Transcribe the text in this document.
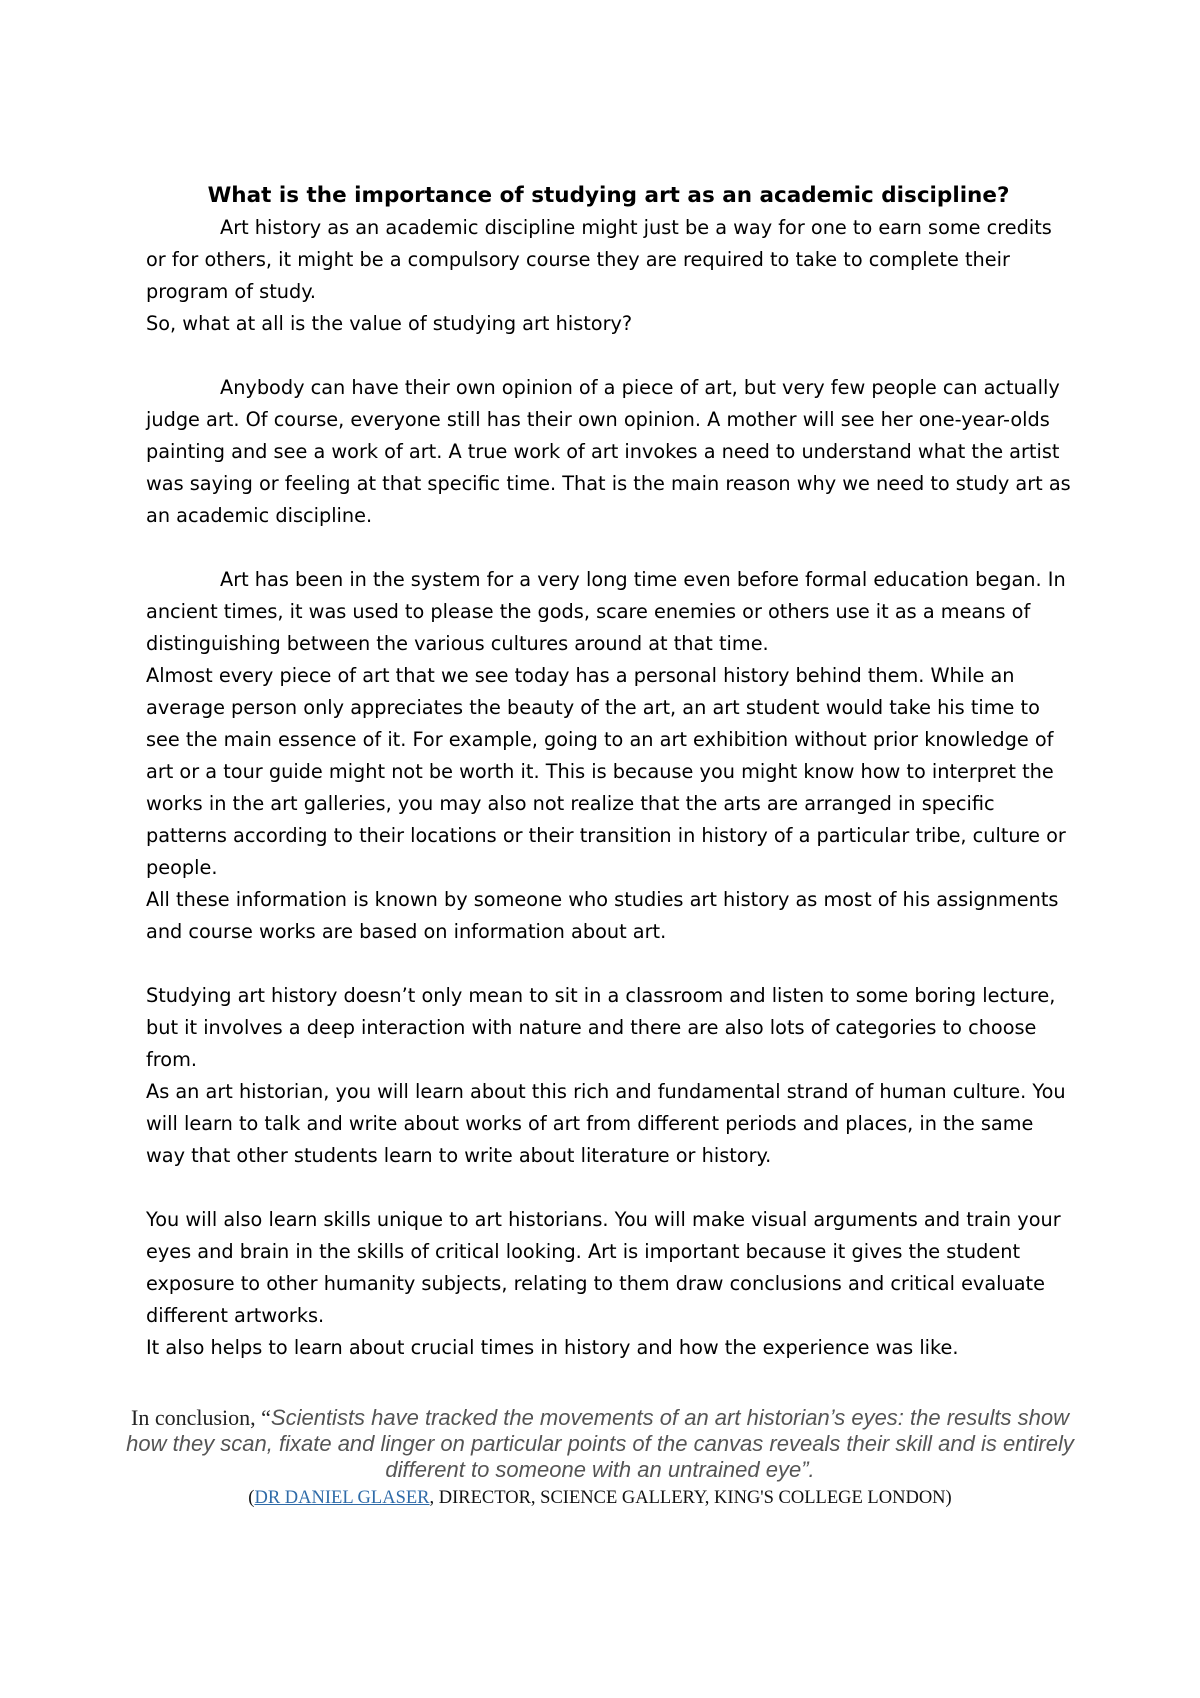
What is the importance of studying art as an academic discipline?

Art history as an academic discipline might just be a way for one to earn some credits or for others, it might be a compulsory course they are required to take to complete their program of study.

So, what at all is the value of studying art history?

Anybody can have their own opinion of a piece of art, but very few people can actually judge art. Of course, everyone still has their own opinion. A mother will see her one-year-olds painting and see a work of art. A true work of art invokes a need to understand what the artist was saying or feeling at that specific time. That is the main reason why we need to study art as an academic discipline.

Art has been in the system for a very long time even before formal education began. In ancient times, it was used to please the gods, scare enemies or others use it as a means of distinguishing between the various cultures around at that time.

Almost every piece of art that we see today has a personal history behind them. While an average person only appreciates the beauty of the art, an art student would take his time to see the main essence of it. For example, going to an art exhibition without prior knowledge of art or a tour guide might not be worth it. This is because you might know how to interpret the works in the art galleries, you may also not realize that the arts are arranged in specific patterns according to their locations or their transition in history of a particular tribe, culture or people.

All these information is known by someone who studies art history as most of his assignments and course works are based on information about art.

Studying art history doesn’t only mean to sit in a classroom and listen to some boring lecture, but it involves a deep interaction with nature and there are also lots of categories to choose from.

As an art historian, you will learn about this rich and fundamental strand of human culture. You will learn to talk and write about works of art from different periods and places, in the same way that other students learn to write about literature or history.

You will also learn skills unique to art historians. You will make visual arguments and train your eyes and brain in the skills of critical looking. Art is important because it gives the student exposure to other humanity subjects, relating to them draw conclusions and critical evaluate different artworks.

It also helps to learn about crucial times in history and how the experience was like.

In conclusion, “Scientists have tracked the movements of an art historian’s eyes: the results show how they scan, fixate and linger on particular points of the canvas reveals their skill and is entirely different to someone with an untrained eye”.
(DR DANIEL GLASER, DIRECTOR, SCIENCE GALLERY, KING'S COLLEGE LONDON)
